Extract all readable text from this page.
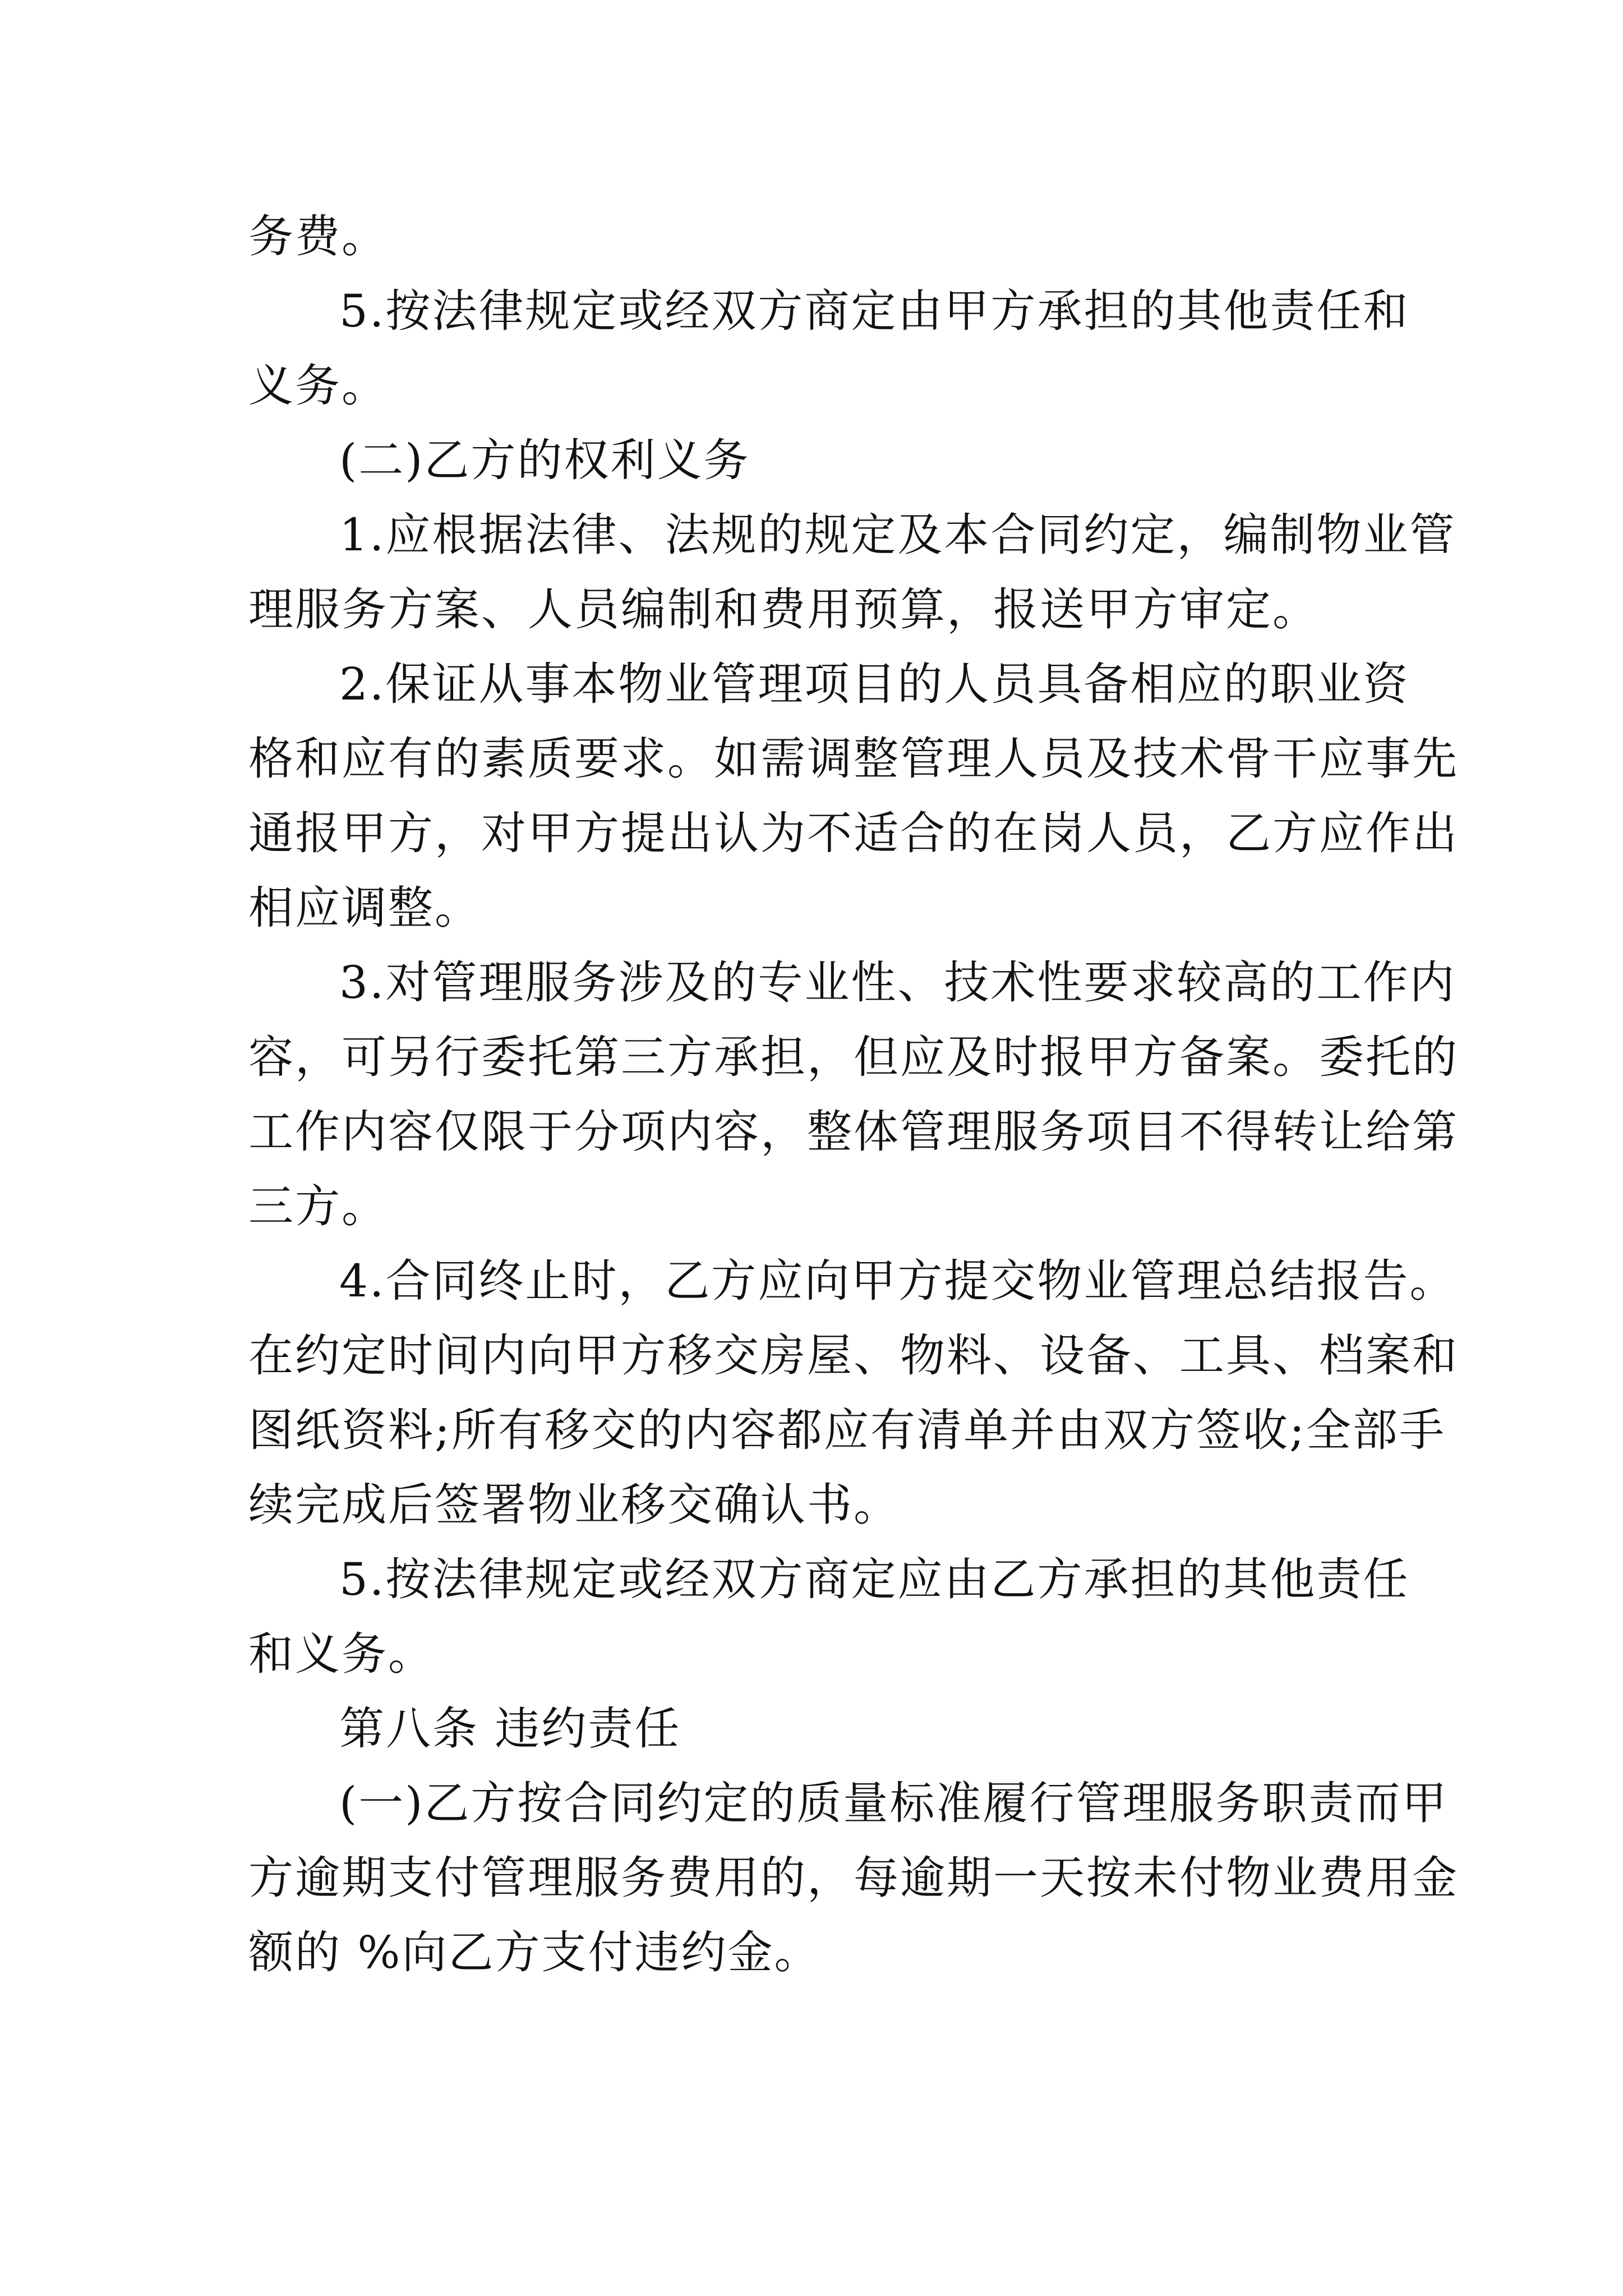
务费。
5.按法律规定或经双方商定由甲方承担的其他责任和
义务。
(二)乙方的权利义务
1.应根据法律、法规的规定及本合同约定，编制物业管
理服务方案、人员编制和费用预算，报送甲方审定。
2.保证从事本物业管理项目的人员具备相应的职业资
格和应有的素质要求。如需调整管理人员及技术骨干应事先
通报甲方，对甲方提出认为不适合的在岗人员，乙方应作出
相应调整。
3.对管理服务涉及的专业性、技术性要求较高的工作内
容，可另行委托第三方承担，但应及时报甲方备案。委托的
工作内容仅限于分项内容，整体管理服务项目不得转让给第
三方。
4.合同终止时，乙方应向甲方提交物业管理总结报告。
在约定时间内向甲方移交房屋、物料、设备、工具、档案和
图纸资料;所有移交的内容都应有清单并由双方签收;全部手
续完成后签署物业移交确认书。
5.按法律规定或经双方商定应由乙方承担的其他责任
和义务。
第八条 违约责任
(一)乙方按合同约定的质量标准履行管理服务职责而甲
方逾期支付管理服务费用的，每逾期一天按未付物业费用金
额的 %向乙方支付违约金。
